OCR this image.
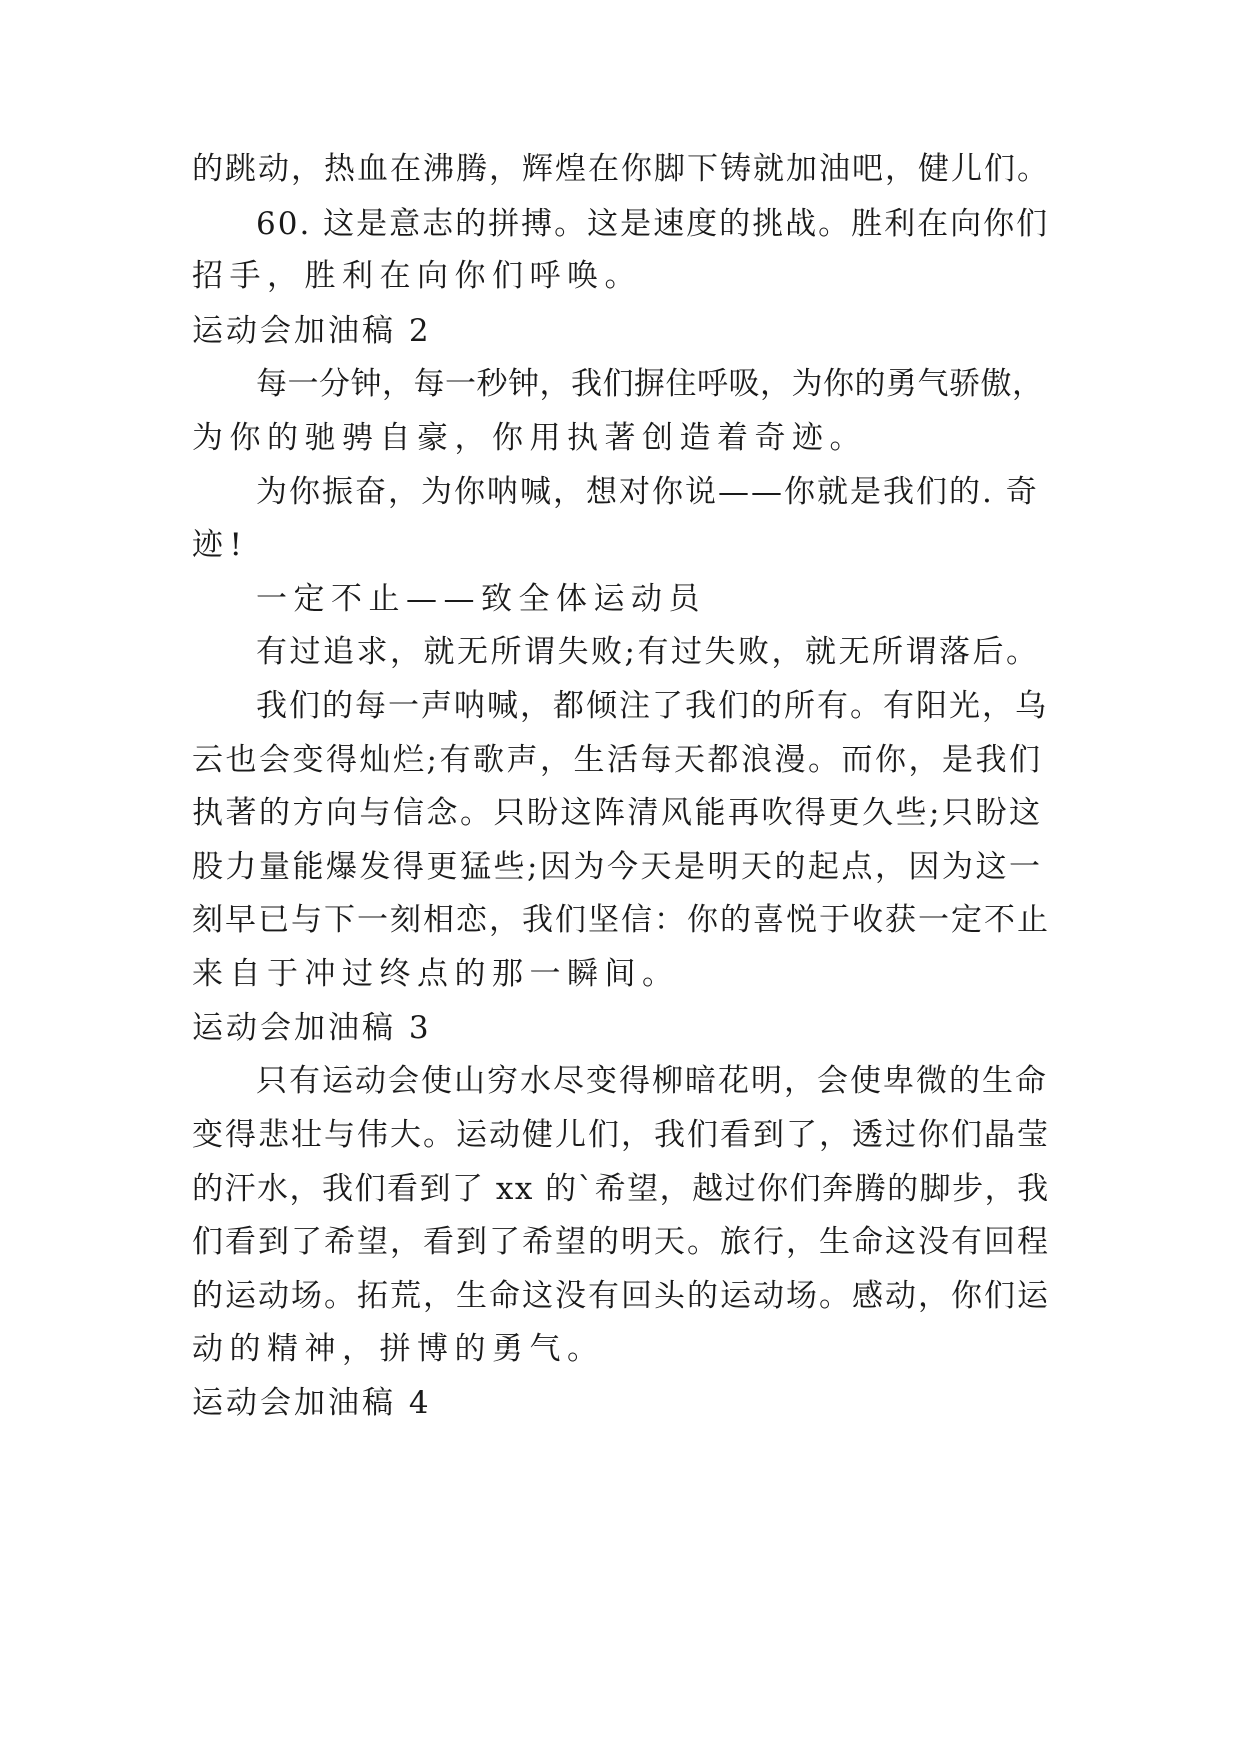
的跳动，热血在沸腾，辉煌在你脚下铸就加油吧，健儿们。

60. 这是意志的拼搏。这是速度的挑战。胜利在向你们

招手，胜利在向你们呼唤。

运动会加油稿 2

每一分钟，每一秒钟，我们摒住呼吸，为你的勇气骄傲，

为你的驰骋自豪，你用执著创造着奇迹。

为你振奋，为你呐喊，想对你说——你就是我们的. 奇

迹!

一定不止——致全体运动员

有过追求，就无所谓失败;有过失败，就无所谓落后。

我们的每一声呐喊，都倾注了我们的所有。有阳光，乌

云也会变得灿烂;有歌声，生活每天都浪漫。而你，是我们

执著的方向与信念。只盼这阵清风能再吹得更久些;只盼这

股力量能爆发得更猛些;因为今天是明天的起点，因为这一

刻早已与下一刻相恋，我们坚信：你的喜悦于收获一定不止

来自于冲过终点的那一瞬间。

运动会加油稿 3

只有运动会使山穷水尽变得柳暗花明，会使卑微的生命

变得悲壮与伟大。运动健儿们，我们看到了，透过你们晶莹

的汗水，我们看到了 xx 的`希望，越过你们奔腾的脚步，我

们看到了希望，看到了希望的明天。旅行，生命这没有回程

的运动场。拓荒，生命这没有回头的运动场。感动，你们运

动的精神，拼博的勇气。

运动会加油稿 4
